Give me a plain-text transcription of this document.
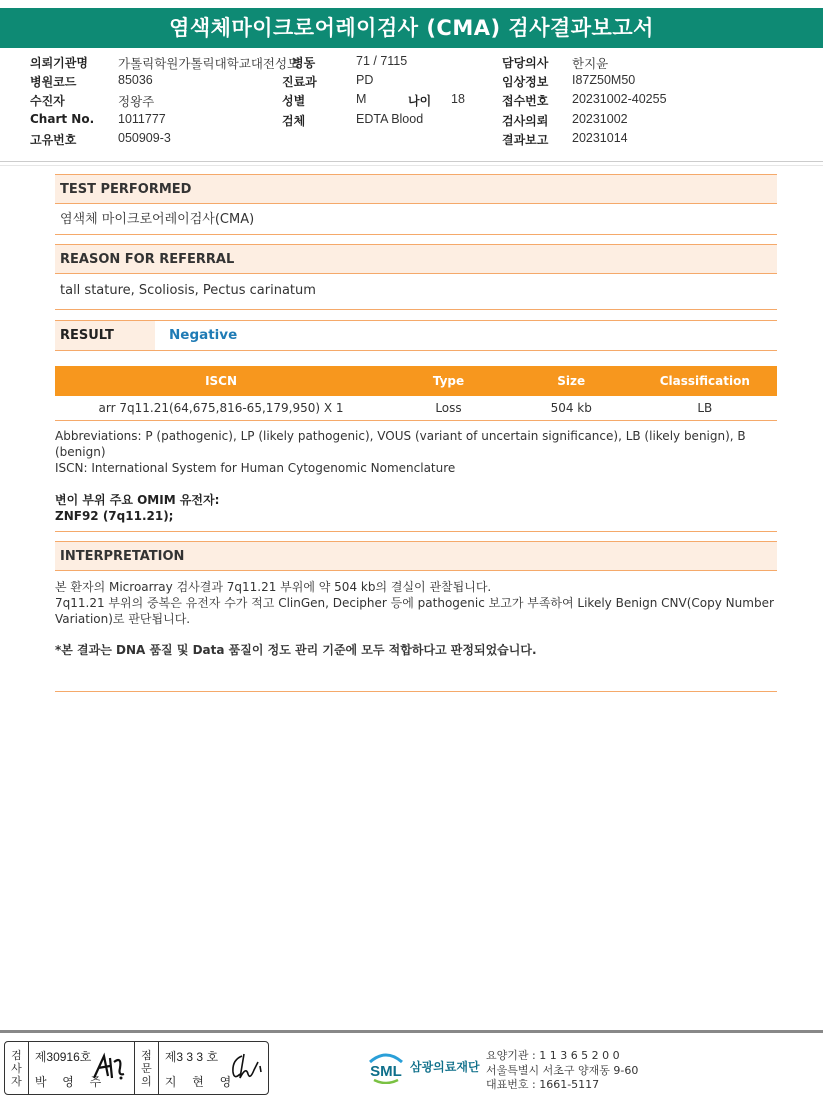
염색체마이크로어레이검사 (CMA) 검사결과보고서
의뢰기관명 가톨릭학원가톨릭대학교대전성모
병동	71 / 7115	담당의사 한지윤
병원코드	85036	진료과	PD	임상정보 I87Z50M50
수진자	정왕주	성별	M	나이 18	접수번호 20231002-40255
Chart No. 1011777	검체	EDTA Blood	검사의뢰 20231002
고유번호	050909-3	결과보고 20231014
TEST PERFORMED
염색체 마이크로어레이검사(CMA)
REASON FOR REFERRAL
tall stature, Scoliosis, Pectus carinatum
RESULT	Negative
ISCN	Type	Size	Classification
arr 7q11.21(64,675,816-65,179,950) X 1	Loss	504 kb	LB
Abbreviations: P (pathogenic), LP (likely pathogenic), VOUS (variant of uncertain significance), LB (likely benign), B (benign)
ISCN: International System for Human Cytogenomic Nomenclature
변이 부위 주요 OMIM 유전자:
ZNF92 (7q11.21);
INTERPRETATION

본 환자의 Microarray 검사결과 7q11.21 부위에 약 504 kb의 결실이 관찰됩니다.

7q11.21 부위의 중복은 유전자 수가 적고 ClinGen, Decipher 등에 pathogenic 보고가 부족하여 Likely Benign CNV(Copy Number

Variation)로 판단됩니다.

*본 결과는 DNA 품질 및 Data 품질이 정도 관리 기준에 모두 적합하다고 판정되었습니다.

검
사
자
제30916호
박 영 주
점
문
의
제3 3 3 호
지 현 영
SML 삼광의료재단
요양기관 : 1 1 3 6 5 2 0 0
서울특별시 서초구 양재동 9-60
대표번호 : 1661-5117
